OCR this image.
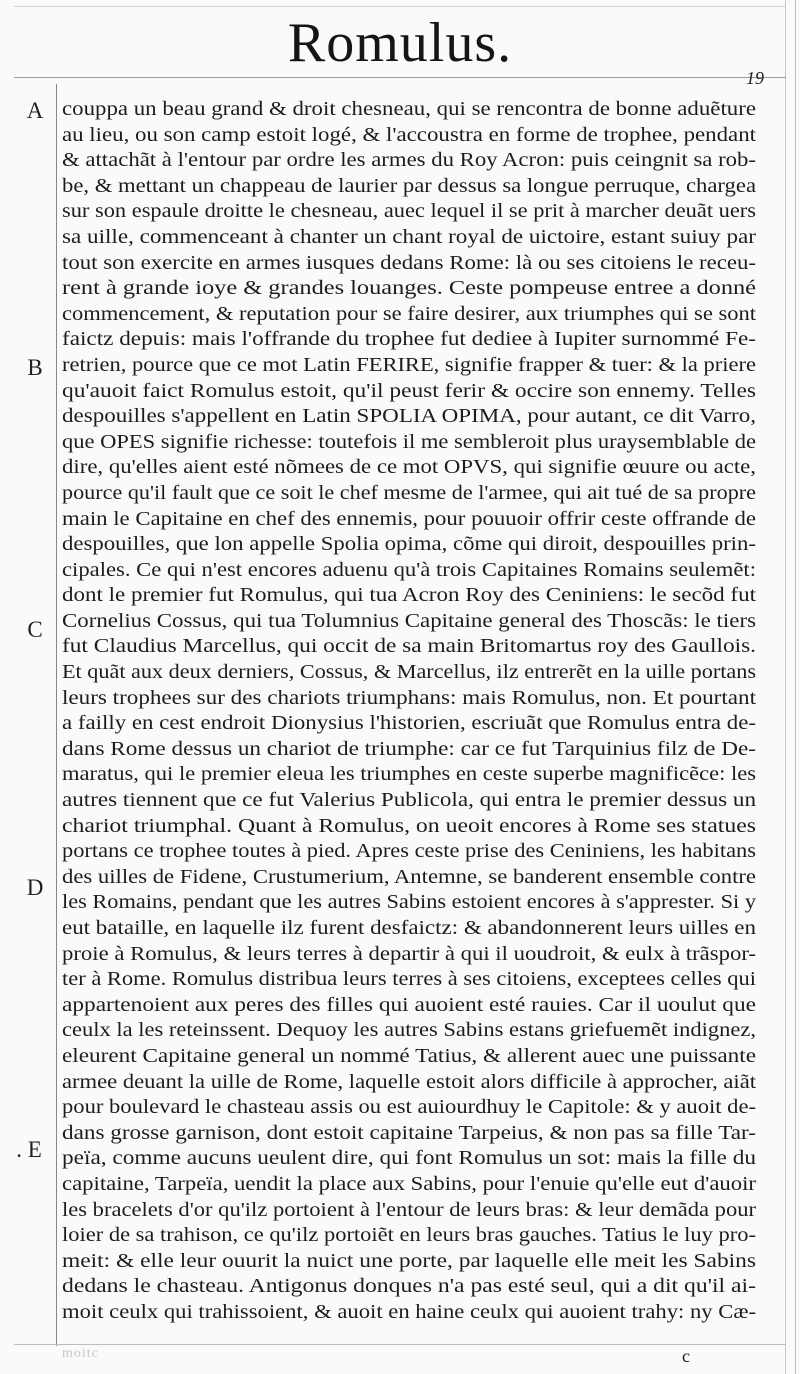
Romulus.
19
A
B
C
D
. E
couppa un beau grand & droit chesneau, qui se rencontra de bonne aduẽture
au lieu, ou son camp estoit logé, & l'accoustra en forme de trophee, pendant
& attachãt à l'entour par ordre les armes du Roy Acron: puis ceingnit sa rob-
be, & mettant un chappeau de laurier par dessus sa longue perruque, chargea
sur son espaule droitte le chesneau, auec lequel il se prit à marcher deuãt uers
sa uille, commenceant à chanter un chant royal de uictoire, estant suiuy par
tout son exercite en armes iusques dedans Rome: là ou ses citoiens le receu-
rent à grande ioye & grandes louanges. Ceste pompeuse entree a donné
commencement, & reputation pour se faire desirer, aux triumphes qui se sont
faictz depuis: mais l'offrande du trophee fut dediee à Iupiter surnommé Fe-
retrien, pource que ce mot Latin FERIRE, signifie frapper & tuer: & la priere
qu'auoit faict Romulus estoit, qu'il peust ferir & occire son ennemy. Telles
despouilles s'appellent en Latin SPOLIA OPIMA, pour autant, ce dit Varro,
que OPES signifie richesse: toutefois il me sembleroit plus uraysemblable de
dire, qu'elles aient esté nõmees de ce mot OPVS, qui signifie œuure ou acte,
pource qu'il fault que ce soit le chef mesme de l'armee, qui ait tué de sa propre
main le Capitaine en chef des ennemis, pour pouuoir offrir ceste offrande de
despouilles, que lon appelle Spolia opima, cõme qui diroit, despouilles prin-
cipales. Ce qui n'est encores aduenu qu'à trois Capitaines Romains seulemẽt:
dont le premier fut Romulus, qui tua Acron Roy des Ceniniens: le secõd fut
Cornelius Cossus, qui tua Tolumnius Capitaine general des Thoscãs: le tiers
fut Claudius Marcellus, qui occit de sa main Britomartus roy des Gaullois.
Et quãt aux deux derniers, Cossus, & Marcellus, ilz entrerẽt en la uille portans
leurs trophees sur des chariots triumphans: mais Romulus, non. Et pourtant
a failly en cest endroit Dionysius l'historien, escriuãt que Romulus entra de-
dans Rome dessus un chariot de triumphe: car ce fut Tarquinius filz de De-
maratus, qui le premier eleua les triumphes en ceste superbe magnificẽce: les
autres tiennent que ce fut Valerius Publicola, qui entra le premier dessus un
chariot triumphal. Quant à Romulus, on ueoit encores à Rome ses statues
portans ce trophee toutes à pied. Apres ceste prise des Ceniniens, les habitans
des uilles de Fidene, Crustumerium, Antemne, se banderent ensemble contre
les Romains, pendant que les autres Sabins estoient encores à s'apprester. Si y
eut bataille, en laquelle ilz furent desfaictz: & abandonnerent leurs uilles en
proie à Romulus, & leurs terres à departir à qui il uoudroit, & eulx à trãspor-
ter à Rome. Romulus distribua leurs terres à ses citoiens, exceptees celles qui
appartenoient aux peres des filles qui auoient esté rauies. Car il uoulut que
ceulx la les reteinssent. Dequoy les autres Sabins estans griefuemẽt indignez,
eleurent Capitaine general un nommé Tatius, & allerent auec une puissante
armee deuant la uille de Rome, laquelle estoit alors difficile à approcher, aiãt
pour boulevard le chasteau assis ou est auiourdhuy le Capitole: & y auoit de-
dans grosse garnison, dont estoit capitaine Tarpeius, & non pas sa fille Tar-
peïa, comme aucuns ueulent dire, qui font Romulus un sot: mais la fille du
capitaine, Tarpeïa, uendit la place aux Sabins, pour l'enuie qu'elle eut d'auoir
les bracelets d'or qu'ilz portoient à l'entour de leurs bras: & leur demãda pour
loier de sa trahison, ce qu'ilz portoiẽt en leurs bras gauches. Tatius le luy pro-
meit: & elle leur ouurit la nuict une porte, par laquelle elle meit les Sabins
dedans le chasteau. Antigonus donques n'a pas esté seul, qui a dit qu'il ai-
moit ceulx qui trahissoient, & auoit en haine ceulx qui auoient trahy: ny Cæ-
moitc	c
